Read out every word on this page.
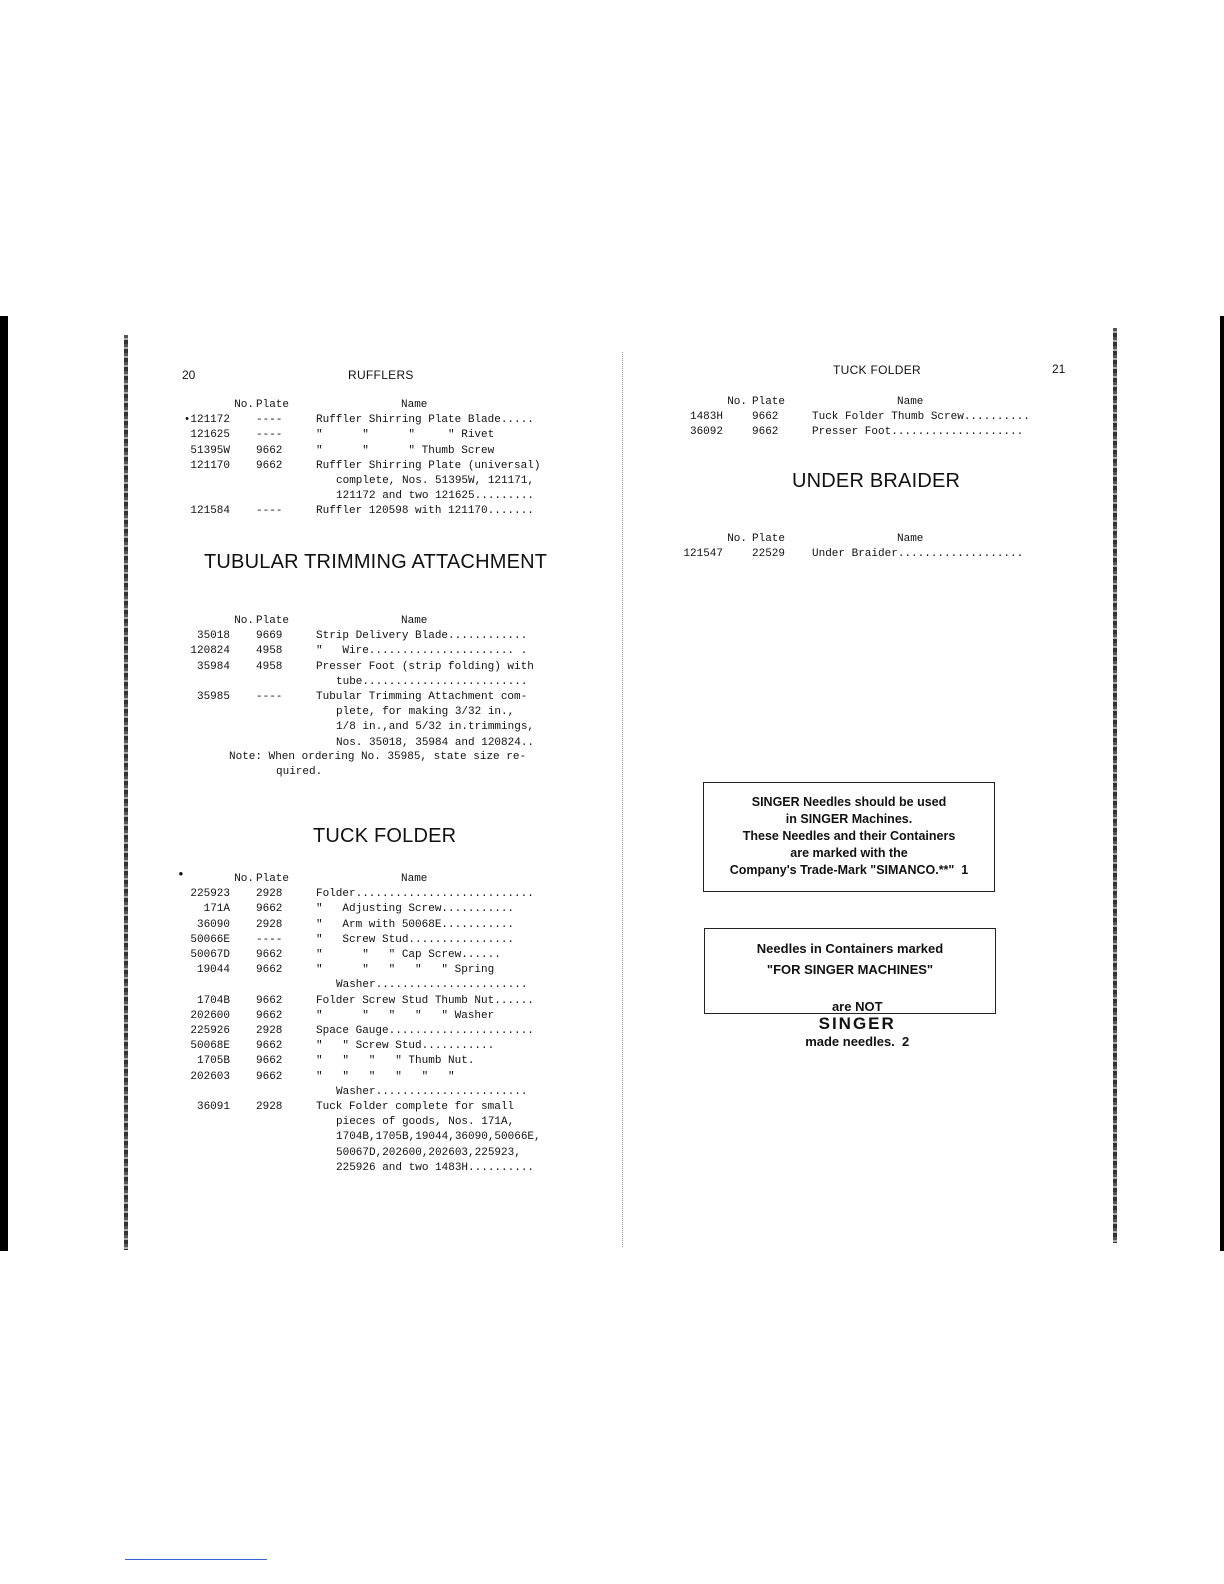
20	RUFFLERS
No. Plate	Name
•121172 ----	Ruffler Shirring Plate Blade.....
121625 ----	"      "      "     " Rivet
51395W 9662	"      "      " Thumb Screw
121170 9662	Ruffler Shirring Plate (universal)
complete, Nos. 51395W, 121171,
121172 and two 121625.........
121584 ----	Ruffler 120598 with 121170.......
TUBULAR TRIMMING ATTACHMENT
No. Plate	Name
35018 9669	Strip Delivery Blade............
120824 4958	"   Wire...................... .
35984 4958	Presser Foot (strip folding) with
tube.........................
35985 ----	Tubular Trimming Attachment com-
plete, for making 3/32 in.,
1/8 in.,and 5/32 in.trimmings,
Nos. 35018, 35984 and 120824..
Note: When ordering No. 35985, state size re-
quired.
TUCK FOLDER
•	No. Plate	Name
225923 2928	Folder...........................
171A 9662	"   Adjusting Screw...........
36090 2928	"   Arm with 50068E...........
50066E ----	"   Screw Stud................
50067D 9662	"      "   " Cap Screw......
19044 9662	"      "   "   "   " Spring
Washer.......................
1704B 9662	Folder Screw Stud Thumb Nut......
202600 9662	"      "   "   "   " Washer
225926 2928	Space Gauge......................
50068E 9662	"   " Screw Stud...........
1705B 9662	"   "   "   " Thumb Nut.
202603 9662	"   "   "   "   "   "
Washer.......................
36091 2928	Tuck Folder complete for small
pieces of goods, Nos. 171A,
1704B,1705B,19044,36090,50066E,
50067D,202600,202603,225923,
225926 and two 1483H..........
TUCK FOLDER	21
No. Plate	Name
1483H	9662	Tuck Folder Thumb Screw..........
36092	9662	Presser Foot....................
UNDER BRAIDER
No. Plate	Name
121547	22529 Under Braider...................
SINGER Needles should be used
in SINGER Machines.
These Needles and their Containers
are marked with the
Company's Trade-Mark "SIMANCO.**"  1
Needles in Containers marked
"FOR SINGER MACHINES"

are NOT
SINGER
made needles.  2
